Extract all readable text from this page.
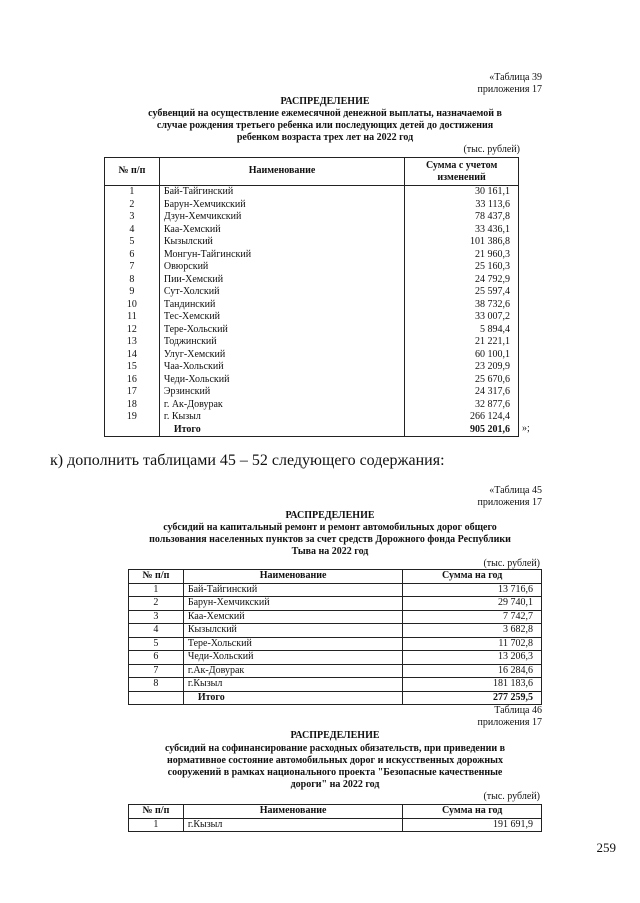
«Таблица 39
приложения 17
РАСПРЕДЕЛЕНИЕ
субвенций на осуществление ежемесячной денежной выплаты, назначаемой в
случае рождения третьего ребенка или последующих детей до достижения
ребенком возраста трех лет на 2022 год
(тыс. рублей)
№ п/п	Наименование	Сумма с учетом
изменений

1	Бай-Тайгинский	30 161,1
2	Барун-Хемчикский	33 113,6
3	Дзун-Хемчикский	78 437,8
4	Каа-Хемский	33 436,1
5	Кызылский	101 386,8
6	Монгун-Тайгинский	21 960,3
7	Овюрский	25 160,3
8	Пии-Хемский	24 792,9
9	Сут-Холский	25 597,4
10	Тандинский	38 732,6
11	Тес-Хемский	33 007,2
12	Тере-Хольский	5 894,4
13	Тоджинский	21 221,1
14	Улуг-Хемский	60 100,1
15	Чаа-Хольский	23 209,9
16	Чеди-Хольский	25 670,6
17	Эрзинский	24 317,6
18	г. Ак-Довурак	32 877,6
19	г. Кызыл	266 124,4
	Итого	905 201,6 »;
к) дополнить таблицами 45 – 52 следующего содержания:
«Таблица 45
приложения 17
РАСПРЕДЕЛЕНИЕ
субсидий на капитальный ремонт и ремонт автомобильных дорог общего
пользования населенных пунктов за счет средств Дорожного фонда Республики
Тыва на 2022 год
(тыс. рублей)
№ п/п	Наименование	Сумма на год
1	Бай-Тайгинский	13 716,6
2	Барун-Хемчикский	29 740,1
3	Каа-Хемский	7 742,7
4	Кызылский	3 682,8
5	Тере-Хольский	11 702,8
6	Чеди-Хольский	13 206,3
7	г.Ак-Довурак	16 284,6
8	г.Кызыл	181 183,6
	Итого	277 259,5
Таблица 46
приложения 17
РАСПРЕДЕЛЕНИЕ
субсидий на софинансирование расходных обязательств, при приведении в
нормативное состояние автомобильных дорог и искусственных дорожных
сооружений в рамках национального проекта "Безопасные качественные
дороги" на 2022 год
(тыс. рублей)
№ п/п	Наименование	Сумма на год
1	г.Кызыл	191 691,9
259
